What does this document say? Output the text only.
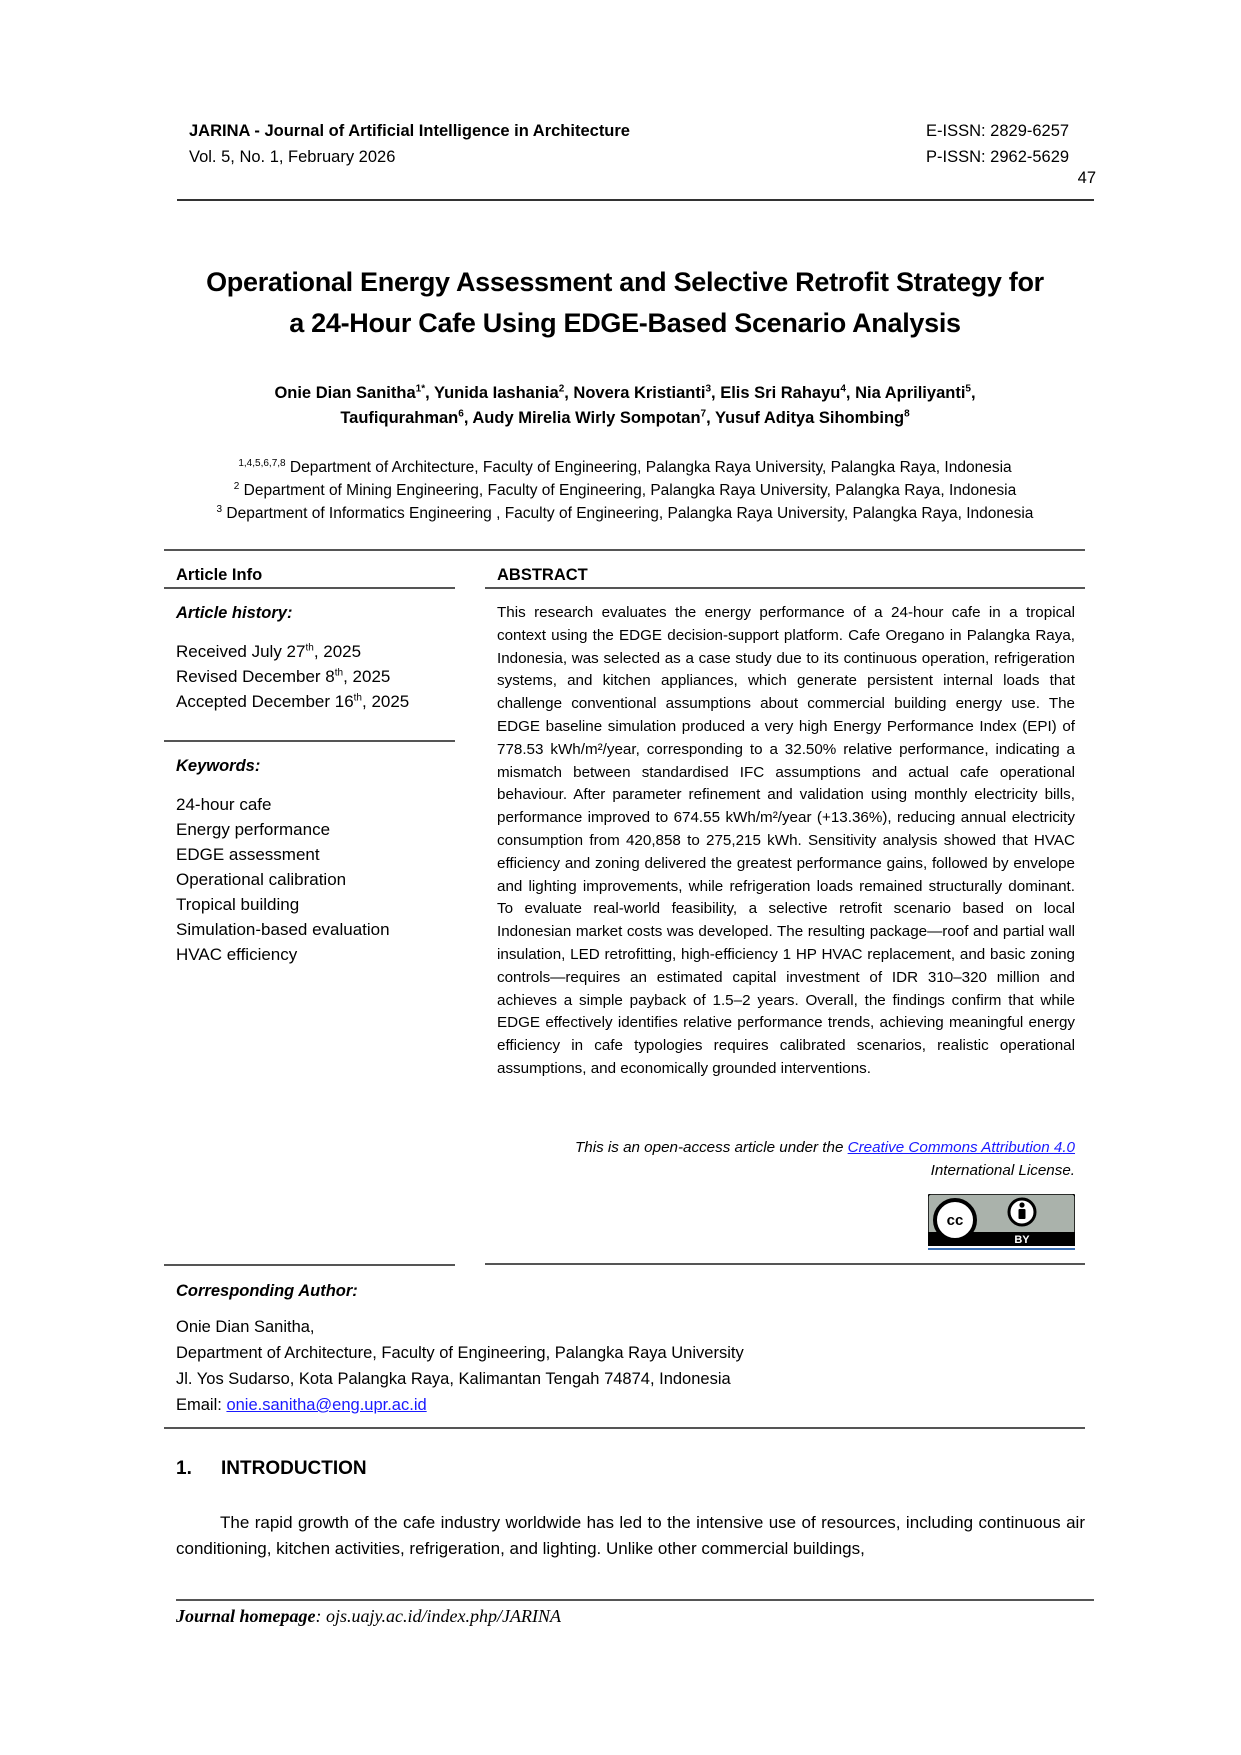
JARINA - Journal of Artificial Intelligence in Architecture
Vol. 5, No. 1, February 2026
E-ISSN: 2829-6257
P-ISSN: 2962-5629
47
Operational Energy Assessment and Selective Retrofit Strategy for
a 24-Hour Cafe Using EDGE-Based Scenario Analysis
Onie Dian Sanitha$^{1*}$, Yunida Iashania$^2$, Novera Kristianti$^3$, Elis Sri Rahayu$^4$, Nia Apriliyanti$^5$,
Taufiqurahman$^6$, Audy Mirelia Wirly Sompotan$^7$, Yusuf Aditya Sihombing$^8$
$^{1,4,5,6,7,8}$ Department of Architecture, Faculty of Engineering, Palangka Raya University, Palangka Raya, Indonesia
$^2$ Department of Mining Engineering, Faculty of Engineering, Palangka Raya University, Palangka Raya, Indonesia
$^3$ Department of Informatics Engineering , Faculty of Engineering, Palangka Raya University, Palangka Raya, Indonesia
Article Info
Article history:
Received July 27th, 2025
Revised December 8th, 2025
Accepted December 16th, 2025
Keywords:
24-hour cafe
Energy performance
EDGE assessment
Operational calibration
Tropical building
Simulation-based evaluation
HVAC efficiency
ABSTRACT
This research evaluates the energy performance of a 24-hour cafe in a tropical context using the EDGE decision-support platform. Cafe Oregano in Palangka Raya, Indonesia, was selected as a case study due to its continuous operation, refrigeration systems, and kitchen appliances, which generate persistent internal loads that challenge conventional assumptions about commercial building energy use. The EDGE baseline simulation produced a very high Energy Performance Index (EPI) of 778.53 kWh/m²/year, corresponding to a 32.50% relative performance, indicating a mismatch between standardised IFC assumptions and actual cafe operational behaviour. After parameter refinement and validation using monthly electricity bills, performance improved to 674.55 kWh/m²/year (+13.36%), reducing annual electricity consumption from 420,858 to 275,215 kWh. Sensitivity analysis showed that HVAC efficiency and zoning delivered the greatest performance gains, followed by envelope and lighting improvements, while refrigeration loads remained structurally dominant. To evaluate real-world feasibility, a selective retrofit scenario based on local Indonesian market costs was developed. The resulting package—roof and partial wall insulation, LED retrofitting, high-efficiency 1 HP HVAC replacement, and basic zoning controls—requires an estimated capital investment of IDR 310–320 million and achieves a simple payback of 1.5–2 years. Overall, the findings confirm that while EDGE effectively identifies relative performance trends, achieving meaningful energy efficiency in cafe typologies requires calibrated scenarios, realistic operational assumptions, and economically grounded interventions.
This is an open-access article under the Creative Commons Attribution 4.0
International License.
cc
BY
Corresponding Author:
Onie Dian Sanitha,
Department of Architecture, Faculty of Engineering, Palangka Raya University
Jl. Yos Sudarso, Kota Palangka Raya, Kalimantan Tengah 74874, Indonesia
Email: onie.sanitha@eng.upr.ac.id
1. INTRODUCTION
The rapid growth of the cafe industry worldwide has led to the intensive use of resources, including continuous air conditioning, kitchen activities, refrigeration, and lighting. Unlike other commercial buildings,
Journal homepage: ojs.uajy.ac.id/index.php/JARINA
